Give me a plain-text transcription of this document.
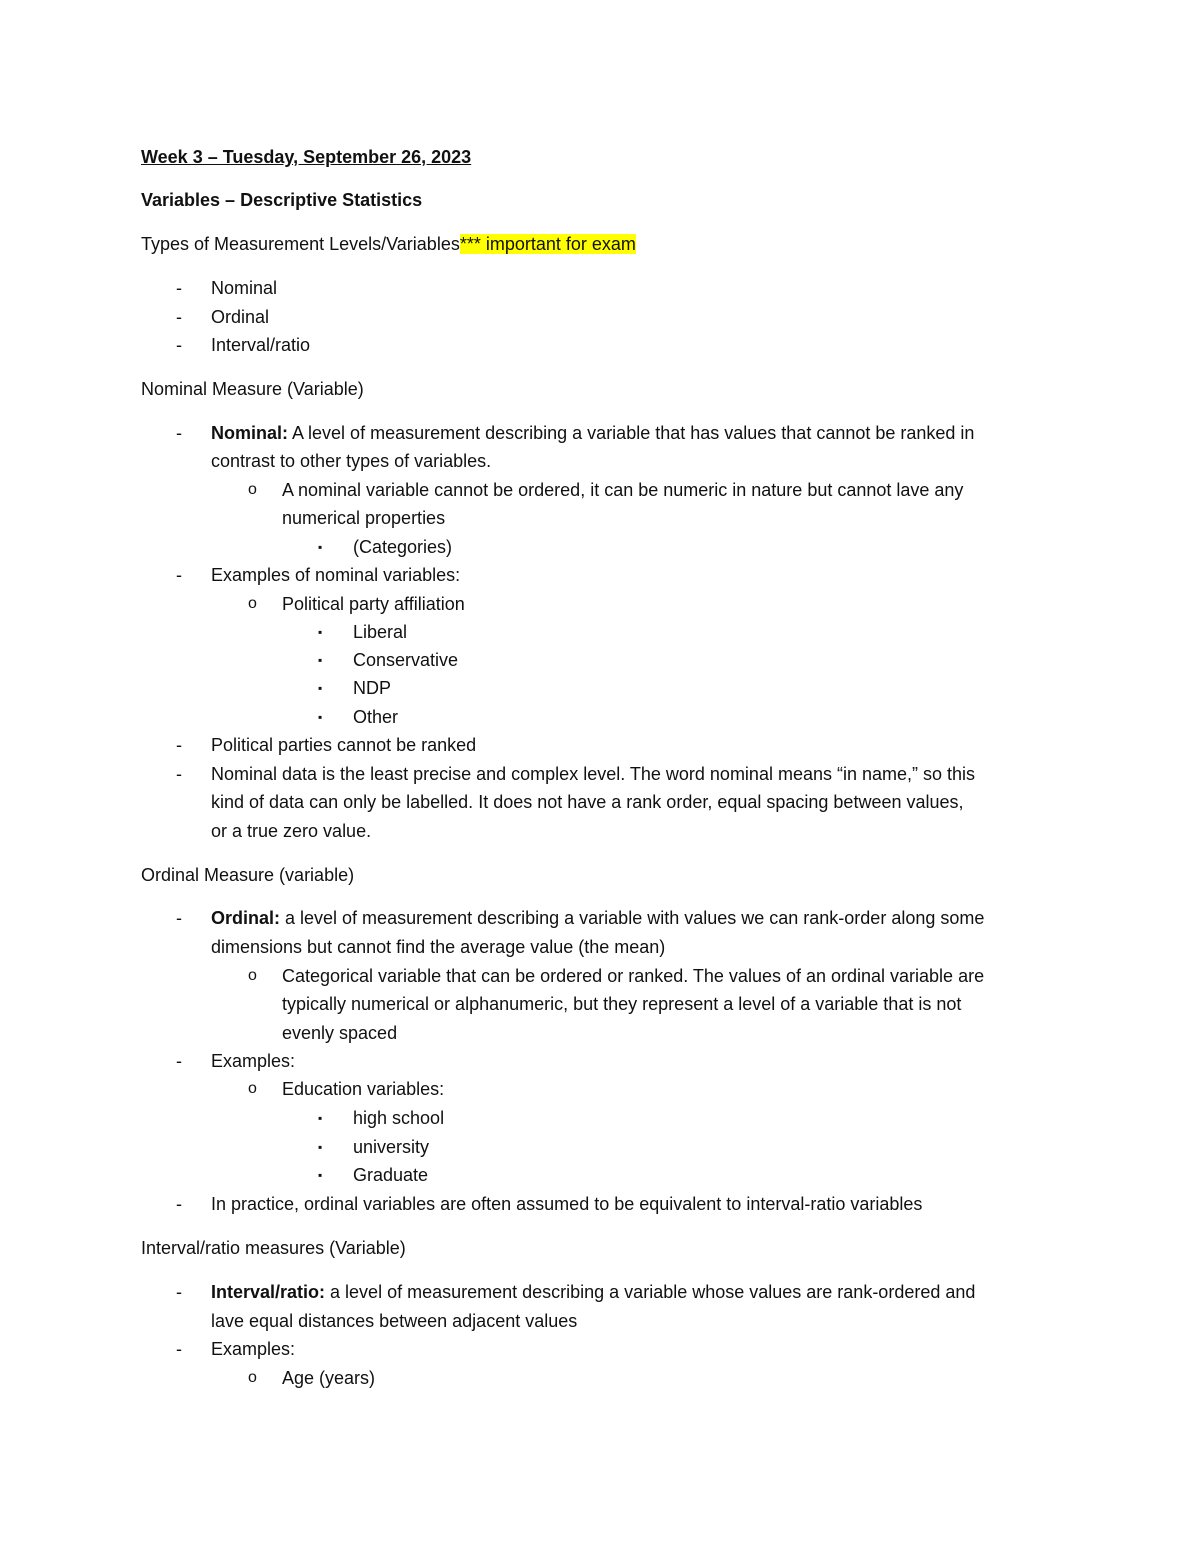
Week 3 – Tuesday, September 26, 2023
Variables – Descriptive Statistics
Types of Measurement Levels/Variables*** important for exam
- Nominal
- Ordinal
- Interval/ratio
Nominal Measure (Variable)
- Nominal: A level of measurement describing a variable that has values that cannot be ranked in
contrast to other types of variables.
o A nominal variable cannot be ordered, it can be numeric in nature but cannot lave any
numerical properties
▪ (Categories)
- Examples of nominal variables:
o Political party affiliation
▪ Liberal
▪ Conservative
▪ NDP
▪ Other
- Political parties cannot be ranked
- Nominal data is the least precise and complex level. The word nominal means “in name,” so this
kind of data can only be labelled. It does not have a rank order, equal spacing between values,
or a true zero value.
Ordinal Measure (variable)
- Ordinal: a level of measurement describing a variable with values we can rank-order along some
dimensions but cannot find the average value (the mean)
o Categorical variable that can be ordered or ranked. The values of an ordinal variable are
typically numerical or alphanumeric, but they represent a level of a variable that is not
evenly spaced
- Examples:
o Education variables:
▪ high school
▪ university
▪ Graduate
- In practice, ordinal variables are often assumed to be equivalent to interval-ratio variables
Interval/ratio measures (Variable)
- Interval/ratio: a level of measurement describing a variable whose values are rank-ordered and
lave equal distances between adjacent values
- Examples:
o Age (years)
